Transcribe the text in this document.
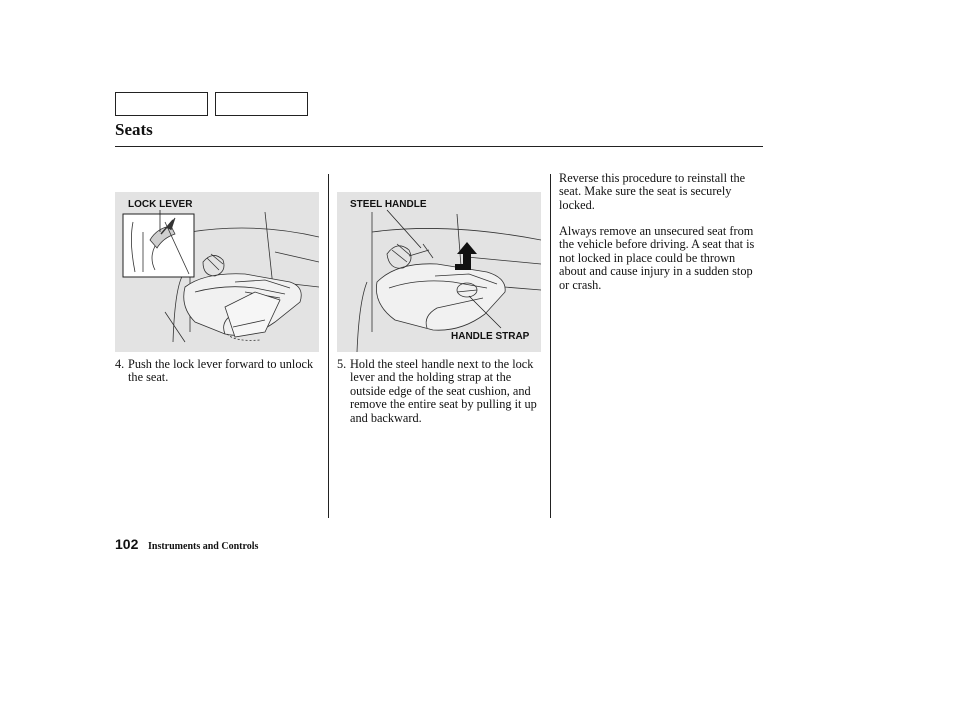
Seats
LOCK LEVER	STEEL HANDLE
HANDLE STRAP

4. Push the lock lever forward to unlock the seat.

5. Hold the steel handle next to the lock lever and the holding strap at the outside edge of the seat cushion, and remove the entire seat by pulling it up and backward.

Reverse this procedure to reinstall the seat. Make sure the seat is securely locked.

Always remove an unsecured seat from the vehicle before driving. A seat that is not locked in place could be thrown about and cause injury in a sudden stop or crash.

102 Instruments and Controls
